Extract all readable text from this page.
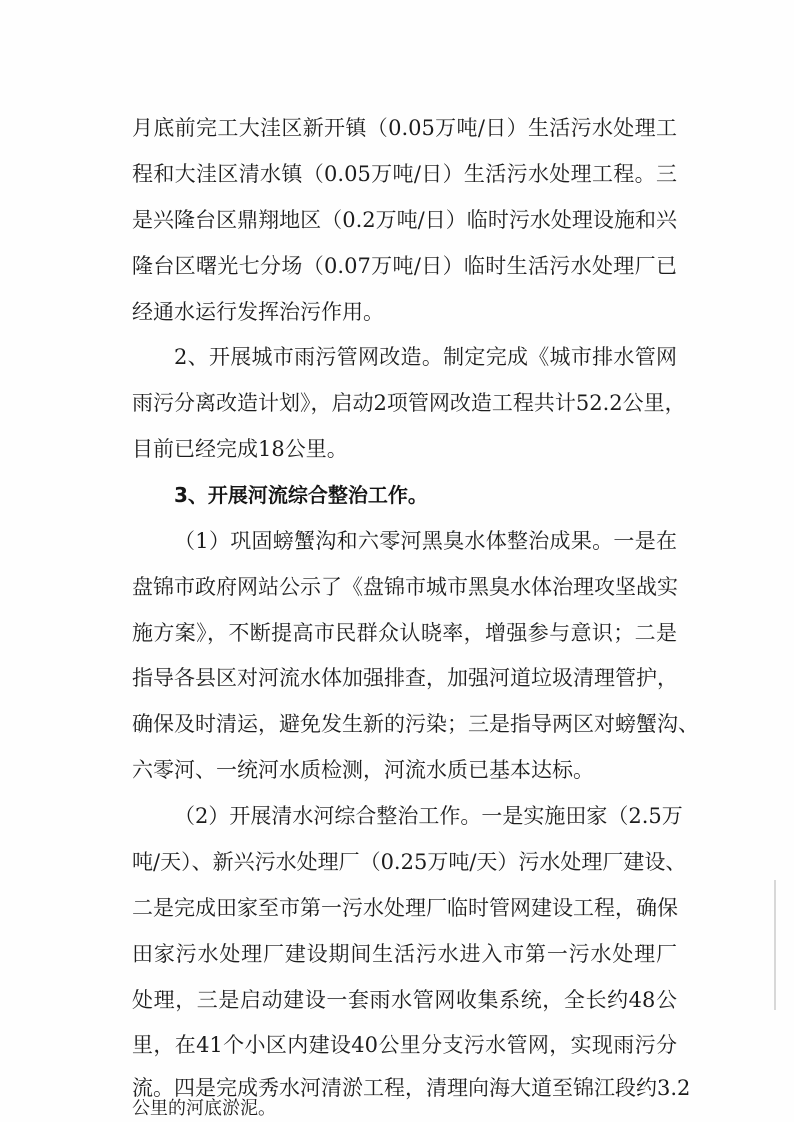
月底前完工大洼区新开镇（0.05万吨/日）生活污水处理工
程和大洼区清水镇（0.05万吨/日）生活污水处理工程。三
是兴隆台区鼎翔地区（0.2万吨/日）临时污水处理设施和兴
隆台区曙光七分场（0.07万吨/日）临时生活污水处理厂已
经通水运行发挥治污作用。
2、开展城市雨污管网改造。制定完成《城市排水管网
雨污分离改造计划》，启动2项管网改造工程共计52.2公里，
目前已经完成18公里。
3、开展河流综合整治工作。
（1）巩固螃蟹沟和六零河黑臭水体整治成果。一是在
盘锦市政府网站公示了《盘锦市城市黑臭水体治理攻坚战实
施方案》，不断提高市民群众认晓率，增强参与意识；二是
指导各县区对河流水体加强排查，加强河道垃圾清理管护，
确保及时清运，避免发生新的污染；三是指导两区对螃蟹沟、
六零河、一统河水质检测，河流水质已基本达标。
（2）开展清水河综合整治工作。一是实施田家（2.5万
吨/天）、新兴污水处理厂（0.25万吨/天）污水处理厂建设、
二是完成田家至市第一污水处理厂临时管网建设工程，确保
田家污水处理厂建设期间生活污水进入市第一污水处理厂
处理，三是启动建设一套雨水管网收集系统，全长约48公
里，在41个小区内建设40公里分支污水管网，实现雨污分
流。四是完成秀水河清淤工程，清理向海大道至锦江段约3.2
公里的河底淤泥。
